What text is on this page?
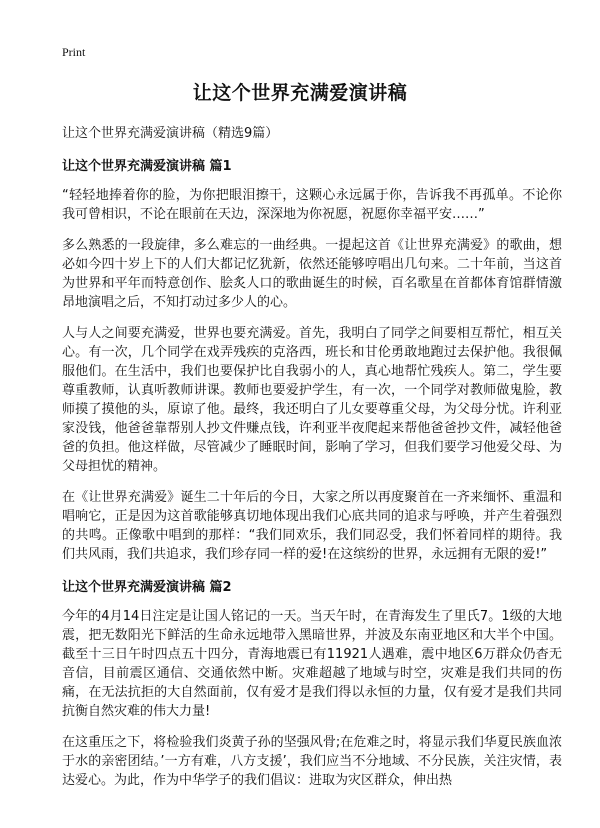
Print
让这个世界充满爱演讲稿

让这个世界充满爱演讲稿（精选9篇）

让这个世界充满爱演讲稿 篇1

“轻轻地捧着你的脸，为你把眼泪擦干，这颗心永远属于你，告诉我不再孤单。不论你我可曾相识，不论在眼前在天边，深深地为你祝愿，祝愿你幸福平安……”

多么熟悉的一段旋律，多么难忘的一曲经典。一提起这首《让世界充满爱》的歌曲，想必如今四十岁上下的人们大都记忆犹新，依然还能够哼唱出几句来。二十年前，当这首为世界和平年而特意创作、脍炙人口的歌曲诞生的时候，百名歌星在首都体育馆群情激昂地演唱之后，不知打动过多少人的心。

人与人之间要充满爱，世界也要充满爱。首先，我明白了同学之间要相互帮忙，相互关心。有一次，几个同学在戏弄残疾的克洛西，班长和甘伦勇敢地跑过去保护他。我很佩服他们。在生活中，我们也要保护比自我弱小的人，真心地帮忙残疾人。第二，学生要尊重教师，认真听教师讲课。教师也要爱护学生，有一次，一个同学对教师做鬼脸，教师摸了摸他的头，原谅了他。最终，我还明白了儿女要尊重父母，为父母分忧。许利亚家没钱，他爸爸靠帮别人抄文件赚点钱，许利亚半夜爬起来帮他爸爸抄文件，减轻他爸爸的负担。他这样做，尽管减少了睡眠时间，影响了学习，但我们要学习他爱父母、为父母担忧的精神。

在《让世界充满爱》诞生二十年后的今日，大家之所以再度聚首在一齐来缅怀、重温和唱响它，正是因为这首歌能够真切地体现出我们心底共同的追求与呼唤，并产生着强烈的共鸣。正像歌中唱到的那样：“我们同欢乐，我们同忍受，我们怀着同样的期待。我们共风雨，我们共追求，我们珍存同一样的爱!在这缤纷的世界，永远拥有无限的爱!”

让这个世界充满爱演讲稿 篇2

今年的4月14日注定是让国人铭记的一天。当天午时，在青海发生了里氏7。1级的大地震，把无数阳光下鲜活的生命永远地带入黑暗世界，并波及东南亚地区和大半个中国。截至十三日午时四点五十四分，青海地震已有11921人遇难，震中地区6万群众仍杳无音信，目前震区通信、交通依然中断。灾难超越了地域与时空，灾难是我们共同的伤痛，在无法抗拒的大自然面前，仅有爱才是我们得以永恒的力量，仅有爱才是我们共同抗衡自然灾难的伟大力量!

在这重压之下，将检验我们炎黄子孙的坚强风骨;在危难之时，将显示我们华夏民族血浓于水的亲密团结。’一方有难，八方支援’，我们应当不分地域、不分民族，关注灾情，表达爱心。为此，作为中华学子的我们倡议：进取为灾区群众，伸出热
